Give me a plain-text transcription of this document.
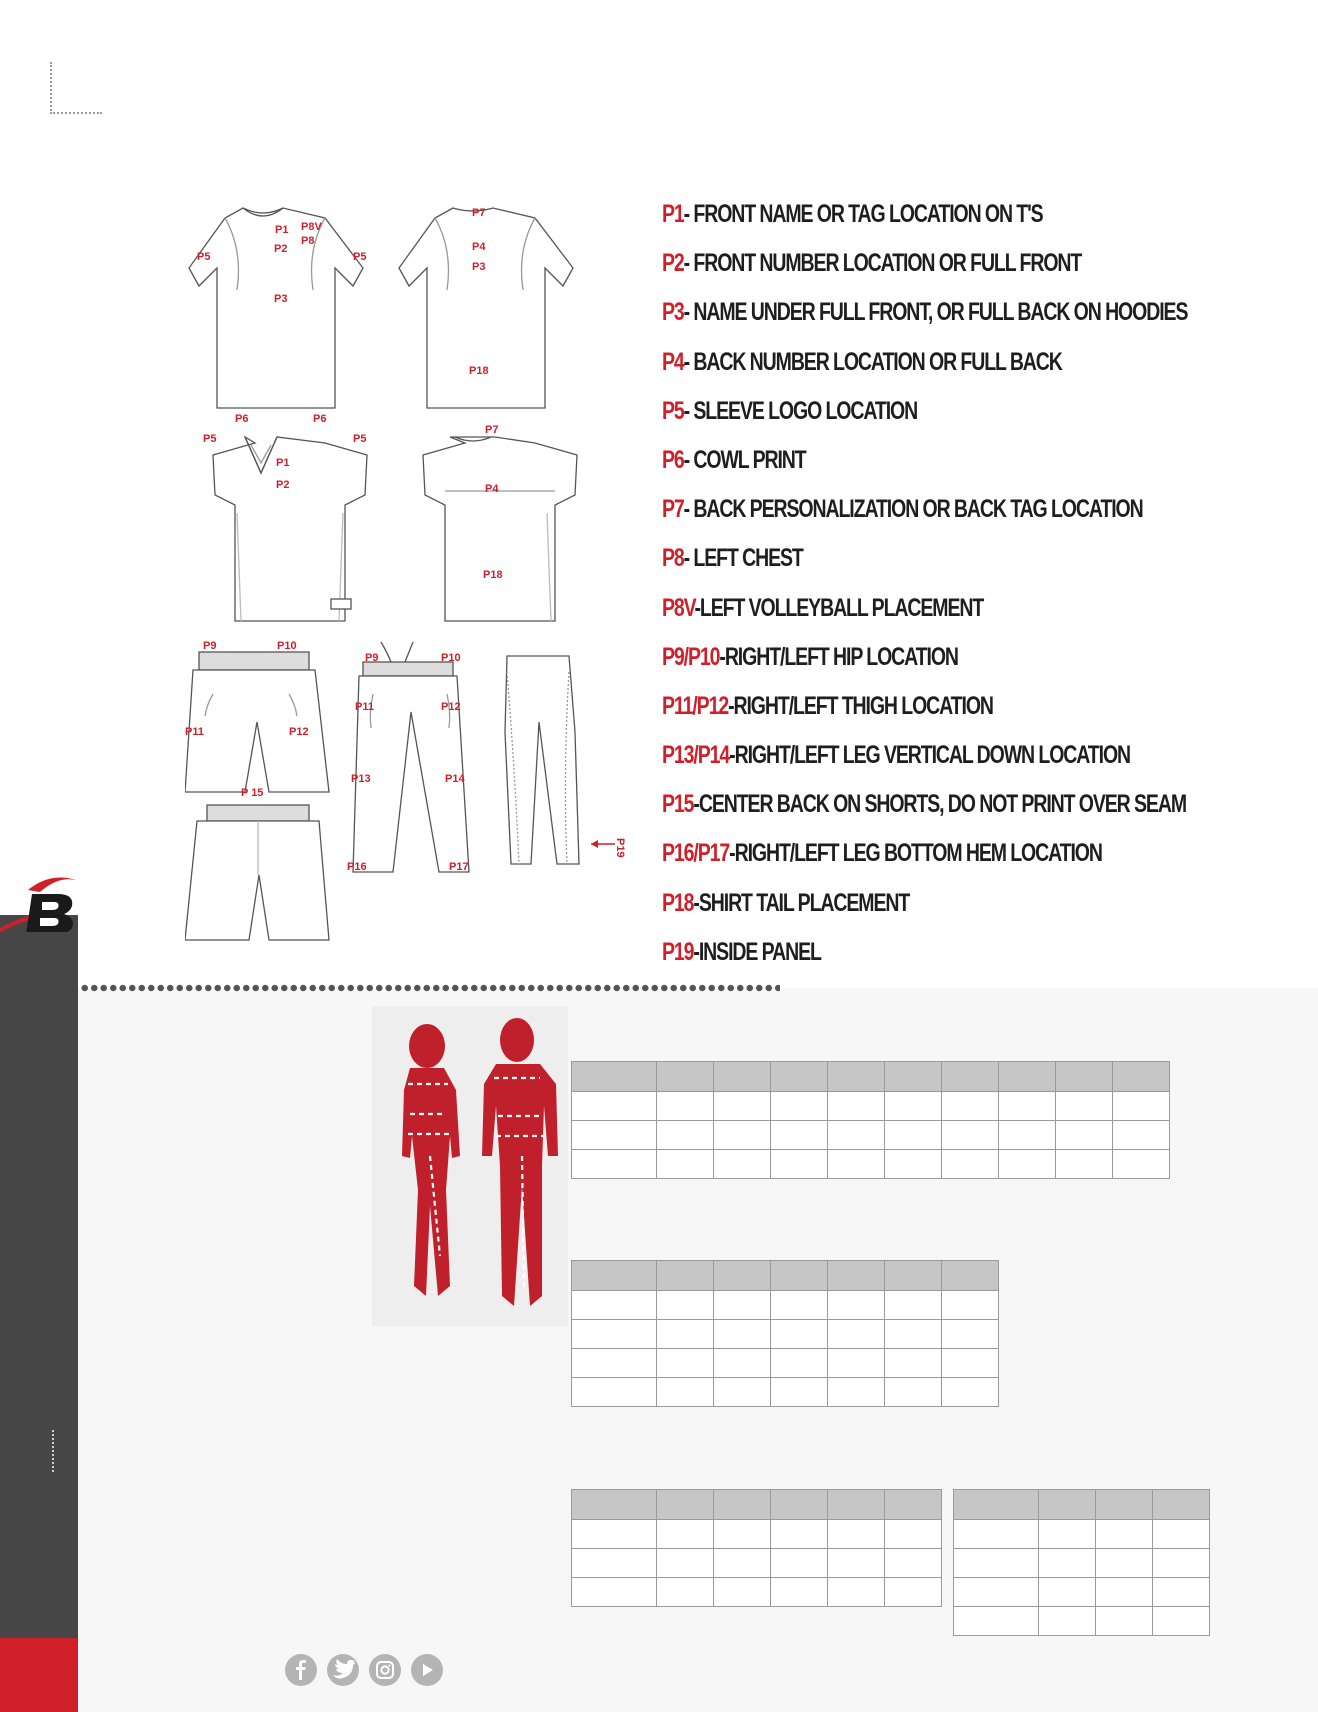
P1 P8V
P8
P2
P5	P5
P3
P7
P4
P3
P18
P6	P6
P5	P5
P1
P2
P7
P4
P18
P9	P10
P11	P12
P 15
P9	P10
P11	P12
P13	P14
P16	P17
P19
P1- FRONT NAME OR TAG LOCATION ON T'S
P2- FRONT NUMBER LOCATION OR FULL FRONT
P3- NAME UNDER FULL FRONT, OR FULL BACK ON HOODIES
P4- BACK NUMBER LOCATION OR FULL BACK
P5- SLEEVE LOGO LOCATION
P6- COWL PRINT
P7- BACK PERSONALIZATION OR BACK TAG LOCATION
P8- LEFT CHEST
P8V-LEFT VOLLEYBALL PLACEMENT
P9/P10-RIGHT/LEFT HIP LOCATION
P11/P12-RIGHT/LEFT THIGH LOCATION
P13/P14-RIGHT/LEFT LEG VERTICAL DOWN LOCATION
P15-CENTER BACK ON SHORTS, DO NOT PRINT OVER SEAM
P16/P17-RIGHT/LEFT LEG BOTTOM HEM LOCATION
P18-SHIRT TAIL PLACEMENT
P19-INSIDE PANEL
